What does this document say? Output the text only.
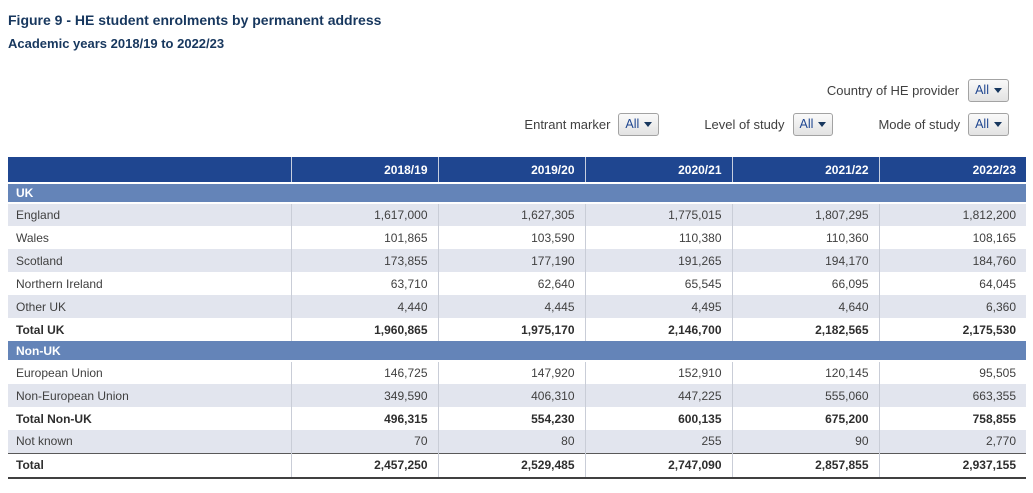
Figure 9 - HE student enrolments by permanent address
Academic years 2018/19 to 2022/23
Country of HE provider All
Entrant marker All	Level of study All	Mode of study All
	2018/19	2019/20	2020/21	2021/22	2022/23
UK					
England	1,617,000	1,627,305	1,775,015	1,807,295	1,812,200
Wales	101,865	103,590	110,380	110,360	108,165
Scotland	173,855	177,190	191,265	194,170	184,760
Northern Ireland	63,710	62,640	65,545	66,095	64,045
Other UK	4,440	4,445	4,495	4,640	6,360
Total UK	1,960,865	1,975,170	2,146,700	2,182,565	2,175,530
Non-UK					
European Union	146,725	147,920	152,910	120,145	95,505
Non-European Union	349,590	406,310	447,225	555,060	663,355
Total Non-UK	496,315	554,230	600,135	675,200	758,855
Not known	70	80	255	90	2,770
Total	2,457,250	2,529,485	2,747,090	2,857,855	2,937,155
